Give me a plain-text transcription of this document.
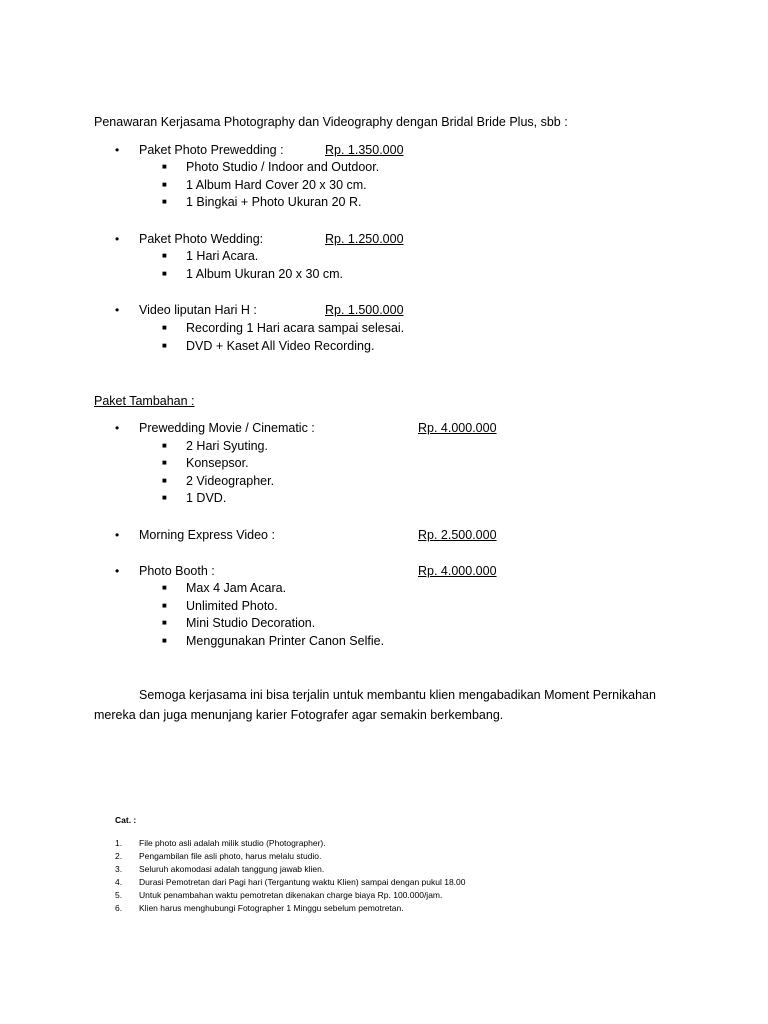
Penawaran Kerjasama Photography dan Videography dengan Bridal Bride Plus, sbb :
• Paket Photo Prewedding :	Rp. 1.350.000
■ Photo Studio / Indoor and Outdoor.
■ 1 Album Hard Cover 20 x 30 cm.
■ 1 Bingkai + Photo Ukuran 20 R.
• Paket Photo Wedding:	Rp. 1.250.000
■ 1 Hari Acara.
■ 1 Album Ukuran 20 x 30 cm.
• Video liputan Hari H :	Rp. 1.500.000
■ Recording 1 Hari acara sampai selesai.
■ DVD + Kaset All Video Recording.
Paket Tambahan :
• Prewedding Movie / Cinematic :	Rp. 4.000.000
■ 2 Hari Syuting.
■ Konsepsor.
■ 2 Videographer.
■ 1 DVD.
• Morning Express Video :	Rp. 2.500.000
• Photo Booth :	Rp. 4.000.000
■ Max 4 Jam Acara.
■ Unlimited Photo.
■ Mini Studio Decoration.
■ Menggunakan Printer Canon Selfie.
Semoga kerjasama ini bisa terjalin untuk membantu klien mengabadikan Moment Pernikahan
mereka dan juga menunjang karier Fotografer agar semakin berkembang.
Cat. :
1. File photo asli adalah milik studio (Photographer).
2. Pengambilan file asli photo, harus melalu studio.
3. Seluruh akomodasi adalah tanggung jawab klien.
4. Durasi Pemotretan dari Pagi hari (Tergantung waktu Klien) sampai dengan pukul 18.00
5. Untuk penambahan waktu pemotretan dikenakan charge biaya Rp. 100.000/jam.
6. Klien harus menghubungi Fotographer 1 Minggu sebelum pemotretan.
